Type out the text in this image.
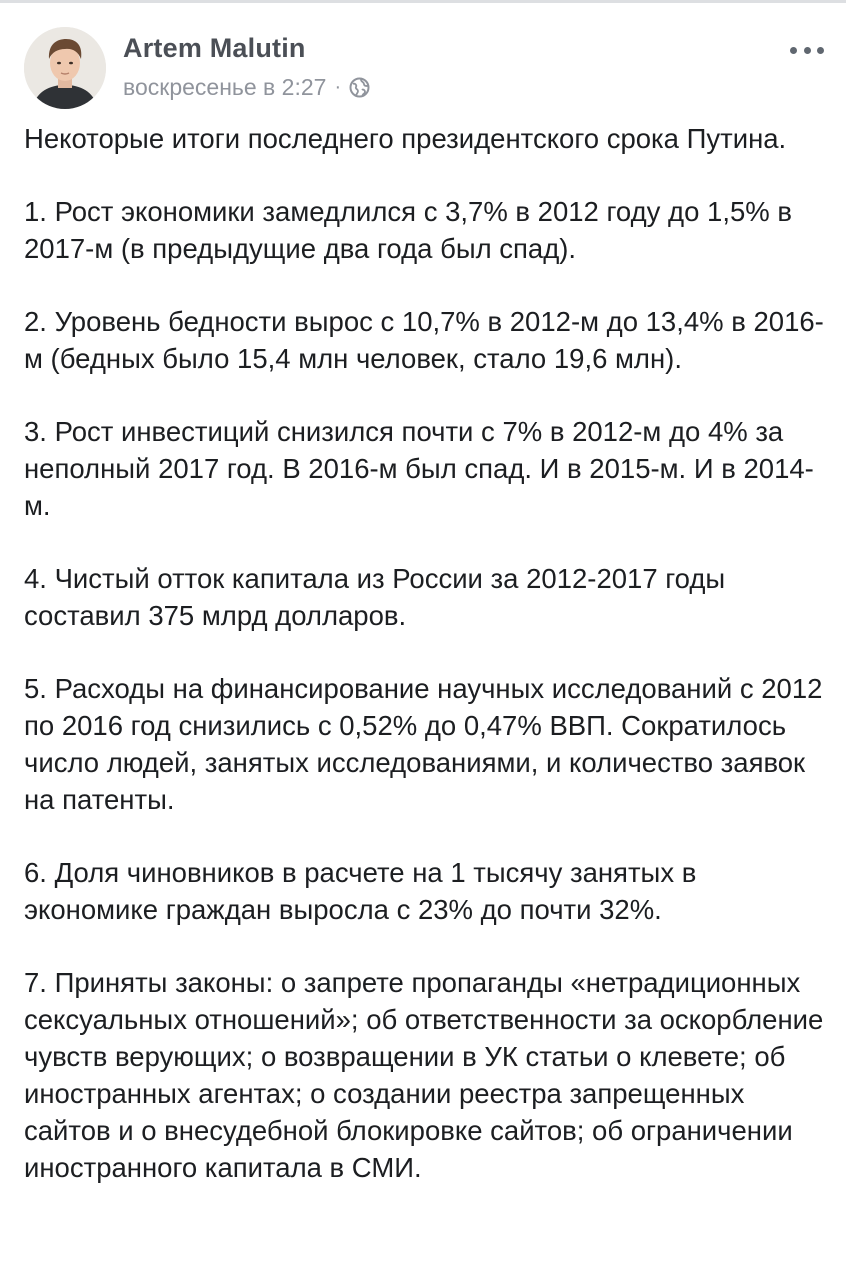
Artem Malutin
воскресенье в 2:27 ·

Некоторые итоги последнего президентского срока Путина.

1. Рост экономики замедлился с 3,7% в 2012 году до 1,5% в 2017-м (в предыдущие два года был спад).

2. Уровень бедности вырос с 10,7% в 2012-м до 13,4% в 2016-м (бедных было 15,4 млн человек, стало 19,6 млн).

3. Рост инвестиций снизился почти с 7% в 2012-м до 4% за неполный 2017 год. В 2016-м был спад. И в 2015-м. И в 2014-м.

4. Чистый отток капитала из России за 2012-2017 годы составил 375 млрд долларов.

5. Расходы на финансирование научных исследований с 2012 по 2016 год снизились с 0,52% до 0,47% ВВП. Сократилось число людей, занятых исследованиями, и количество заявок на патенты.

6. Доля чиновников в расчете на 1 тысячу занятых в экономике граждан выросла с 23% до почти 32%.

7. Приняты законы: о запрете пропаганды «нетрадиционных сексуальных отношений»; об ответственности за оскорбление чувств верующих; о возвращении в УК статьи о клевете; об иностранных агентах; о создании реестра запрещенных сайтов и о внесудебной блокировке сайтов; об ограничении иностранного капитала в СМИ.
